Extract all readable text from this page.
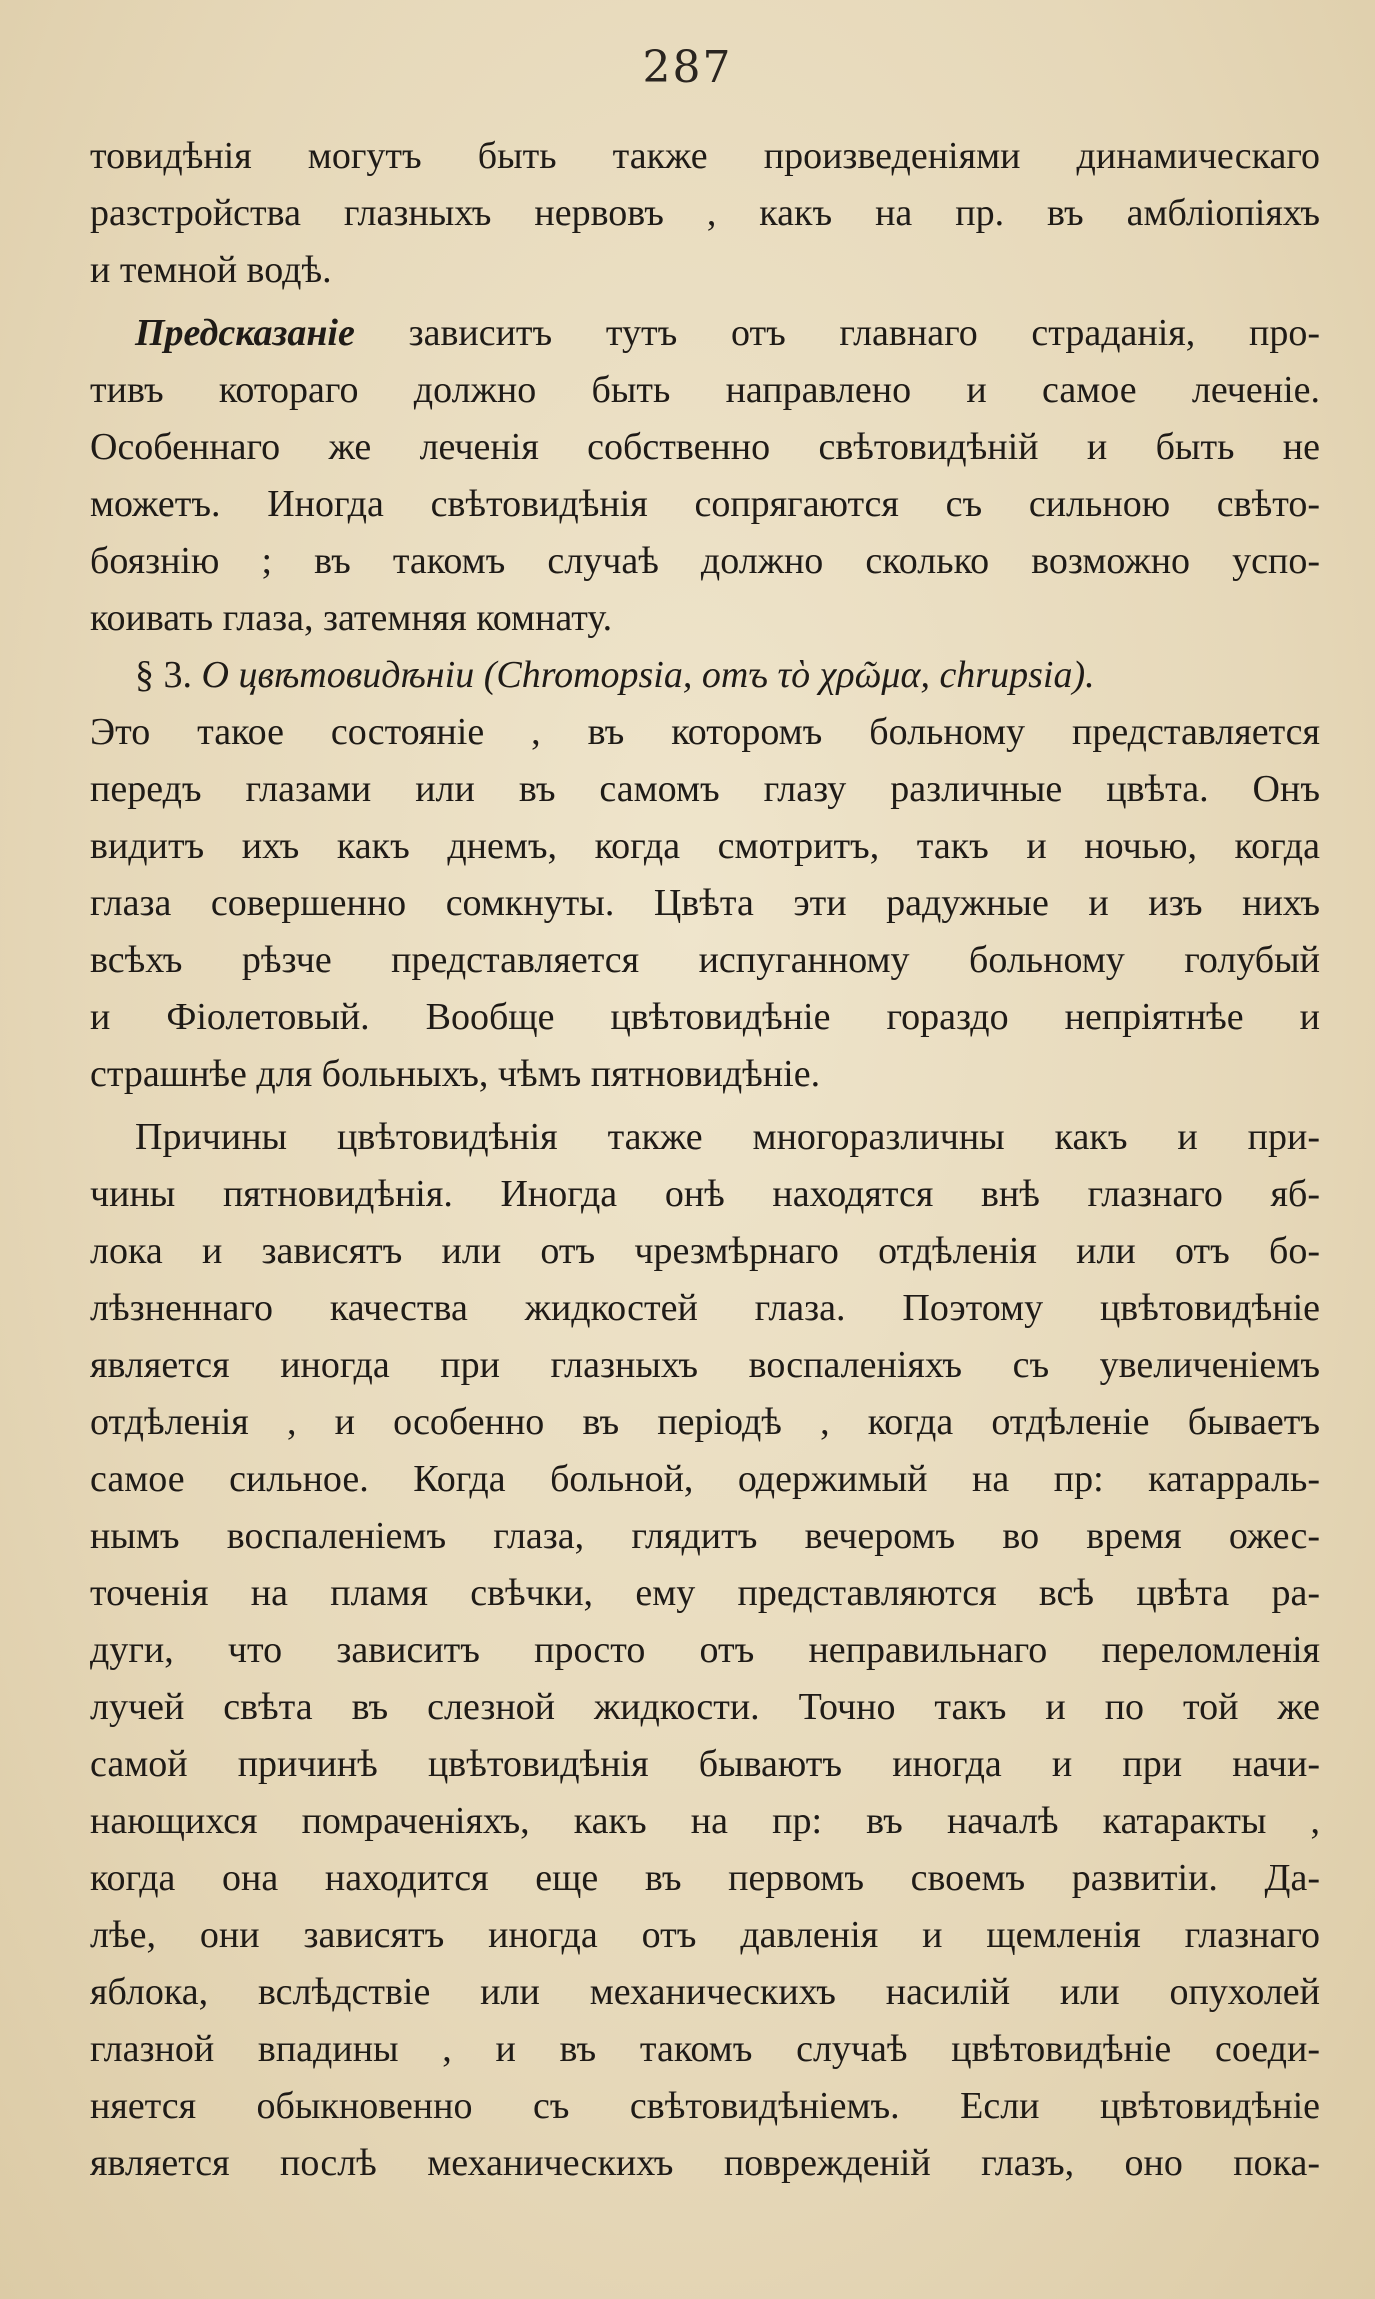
287
товидѣнія могутъ быть также произведеніями динамическаго
разстройства глазныхъ нервовъ , какъ на пр. въ амбліопіяхъ
и темной водѣ.
Предсказаніе зависитъ тутъ отъ главнаго страданія, про-
тивъ котораго должно быть направлено и самое леченіе.
Особеннаго же леченія собственно свѣтовидѣній и быть не
можетъ. Иногда свѣтовидѣнія сопрягаются съ сильною свѣто-
боязнію ; въ такомъ случаѣ должно сколько возможно успо-
коивать глаза, затемняя комнату.
§ 3. О цвѣтовидѣніи (Chromopsia, отъ τὸ χρῶμα, chrupsia).
Это такое состояніе , въ которомъ больному представляется
передъ глазами или въ самомъ глазу различные цвѣта. Онъ
видитъ ихъ какъ днемъ, когда смотритъ, такъ и ночью, когда
глаза совершенно сомкнуты. Цвѣта эти радужные и изъ нихъ
всѣхъ рѣзче представляется испуганному больному голубый
и Фіолетовый. Вообще цвѣтовидѣніе гораздо непріятнѣе и
страшнѣе для больныхъ, чѣмъ пятновидѣніе.
Причины цвѣтовидѣнія также многоразличны какъ и при-
чины пятновидѣнія. Иногда онѣ находятся внѣ глазнаго яб-
лока и зависятъ или отъ чрезмѣрнаго отдѣленія или отъ бо-
лѣзненнаго качества жидкостей глаза. Поэтому цвѣтовидѣніе
является иногда при глазныхъ воспаленіяхъ съ увеличеніемъ
отдѣленія , и особенно въ періодѣ , когда отдѣленіе бываетъ
самое сильное. Когда больной, одержимый на пр: катарраль-
нымъ воспаленіемъ глаза, глядитъ вечеромъ во время ожес-
точенія на пламя свѣчки, ему представляются всѣ цвѣта ра-
дуги, что зависитъ просто отъ неправильнаго переломленія
лучей свѣта въ слезной жидкости. Точно такъ и по той же
самой причинѣ цвѣтовидѣнія бываютъ иногда и при начи-
нающихся помраченіяхъ, какъ на пр: въ началѣ катаракты ,
когда она находится еще въ первомъ своемъ развитіи. Да-
лѣе, они зависятъ иногда отъ давленія и щемленія глазнаго
яблока, вслѣдствіе или механическихъ насилій или опухолей
глазной впадины , и въ такомъ случаѣ цвѣтовидѣніе соеди-
няется обыкновенно съ свѣтовидѣніемъ. Если цвѣтовидѣніе
является послѣ механическихъ поврежденій глазъ, оно пока-
